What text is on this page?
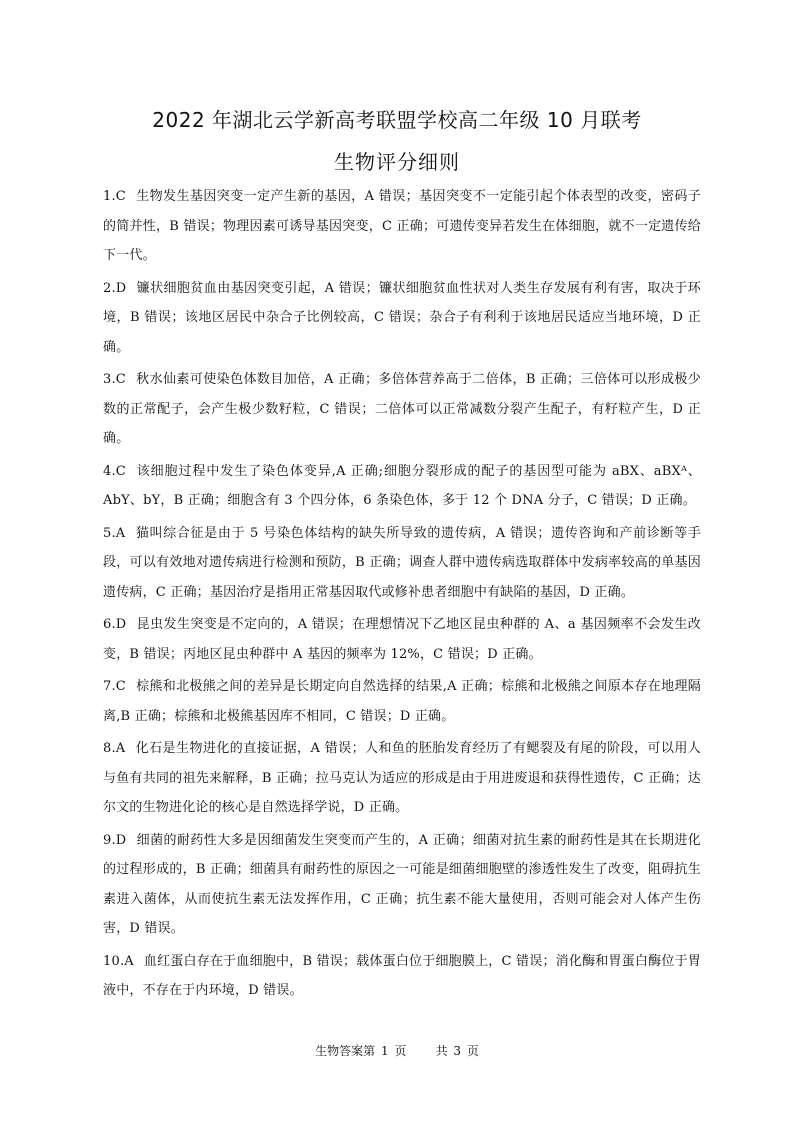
2022 年湖北云学新高考联盟学校高二年级 10 月联考
生物评分细则

1.C 生物发生基因突变一定产生新的基因，A 错误；基因突变不一定能引起个体表型的改变，密码子的简并性，B 错误；物理因素可诱导基因突变，C 正确；可遗传变异若发生在体细胞，就不一定遗传给下一代。

2.D 镰状细胞贫血由基因突变引起，A 错误；镰状细胞贫血性状对人类生存发展有利有害，取决于环境，B 错误；该地区居民中杂合子比例较高，C 错误；杂合子有利利于该地居民适应当地环境，D 正确。

3.C 秋水仙素可使染色体数目加倍，A 正确；多倍体营养高于二倍体，B 正确；三倍体可以形成极少数的正常配子，会产生极少数籽粒，C 错误；二倍体可以正常减数分裂产生配子，有籽粒产生，D 正确。

4.C 该细胞过程中发生了染色体变异,A 正确;细胞分裂形成的配子的基因型可能为 aBX、aBXᴬ、AbY、bY，B 正确；细胞含有 3 个四分体，6 条染色体，多于 12 个 DNA 分子，C 错误；D 正确。

5.A 猫叫综合征是由于 5 号染色体结构的缺失所导致的遗传病，A 错误；遗传咨询和产前诊断等手段，可以有效地对遗传病进行检测和预防，B 正确；调查人群中遗传病选取群体中发病率较高的单基因遗传病，C 正确；基因治疗是指用正常基因取代或修补患者细胞中有缺陷的基因，D 正确。

6.D 昆虫发生突变是不定向的，A 错误；在理想情况下乙地区昆虫种群的 A、a 基因频率不会发生改变，B 错误；丙地区昆虫种群中 A 基因的频率为 12%，C 错误；D 正确。

7.C 棕熊和北极熊之间的差异是长期定向自然选择的结果,A 正确；棕熊和北极熊之间原本存在地理隔离,B 正确；棕熊和北极熊基因库不相同，C 错误；D 正确。

8.A 化石是生物进化的直接证据，A 错误；人和鱼的胚胎发育经历了有鳃裂及有尾的阶段，可以用人与鱼有共同的祖先来解释，B 正确；拉马克认为适应的形成是由于用进废退和获得性遗传，C 正确；达尔文的生物进化论的核心是自然选择学说，D 正确。

9.D 细菌的耐药性大多是因细菌发生突变而产生的，A 正确；细菌对抗生素的耐药性是其在长期进化的过程形成的，B 正确；细菌具有耐药性的原因之一可能是细菌细胞壁的渗透性发生了改变，阻碍抗生素进入菌体，从而使抗生素无法发挥作用，C 正确；抗生素不能大量使用，否则可能会对人体产生伤害，D 错误。

10.A 血红蛋白存在于血细胞中，B 错误；载体蛋白位于细胞膜上，C 错误；消化酶和胃蛋白酶位于胃液中，不存在于内环境，D 错误。

生物答案第 1 页 共 3 页
